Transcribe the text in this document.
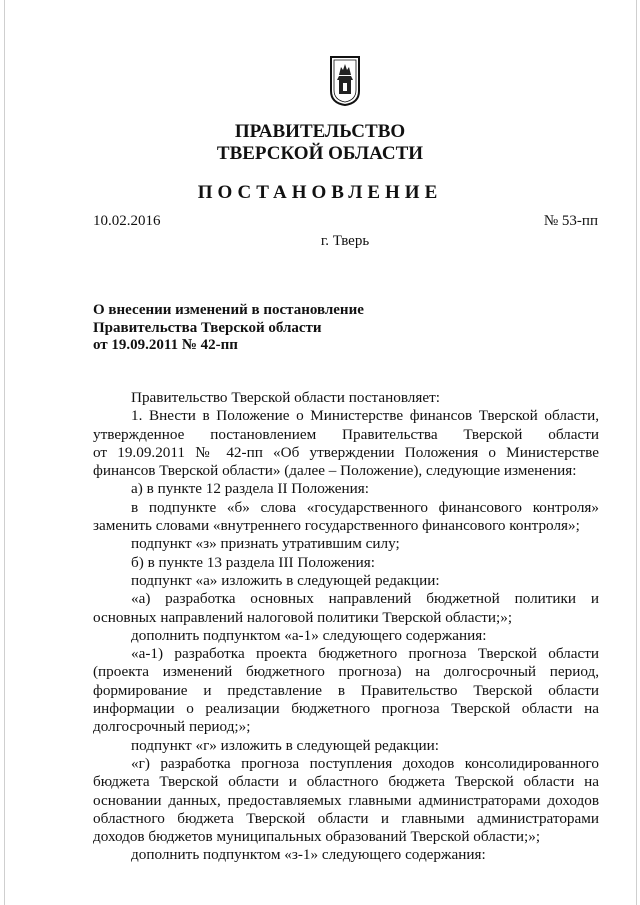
ПРАВИТЕЛЬСТВО
ТВЕРСКОЙ ОБЛАСТИ
ПОСТАНОВЛЕНИЕ
10.02.2016	№ 53-пп
г. Тверь
О внесении изменений в постановление
Правительства Тверской области
от 19.09.2011 № 42-пп
Правительство Тверской области постановляет:
1. Внести в Положение о Министерстве финансов Тверской области,
утвержденное постановлением Правительства Тверской области
от 19.09.2011 № 42-пп «Об утверждении Положения о Министерстве
финансов Тверской области» (далее – Положение), следующие изменения:
а) в пункте 12 раздела II Положения:
в подпункте «б» слова «государственного финансового контроля»
заменить словами «внутреннего государственного финансового контроля»;
подпункт «з» признать утратившим силу;
б) в пункте 13 раздела III Положения:
подпункт «а» изложить в следующей редакции:
«а) разработка основных направлений бюджетной политики и
основных направлений налоговой политики Тверской области;»;
дополнить подпунктом «а-1» следующего содержания:
«а-1) разработка проекта бюджетного прогноза Тверской области
(проекта изменений бюджетного прогноза) на долгосрочный период,
формирование и представление в Правительство Тверской области
информации о реализации бюджетного прогноза Тверской области на
долгосрочный период;»;
подпункт «г» изложить в следующей редакции:
«г) разработка прогноза поступления доходов консолидированного
бюджета Тверской области и областного бюджета Тверской области на
основании данных, предоставляемых главными администраторами доходов
областного бюджета Тверской области и главными администраторами
доходов бюджетов муниципальных образований Тверской области;»;
дополнить подпунктом «з-1» следующего содержания:
